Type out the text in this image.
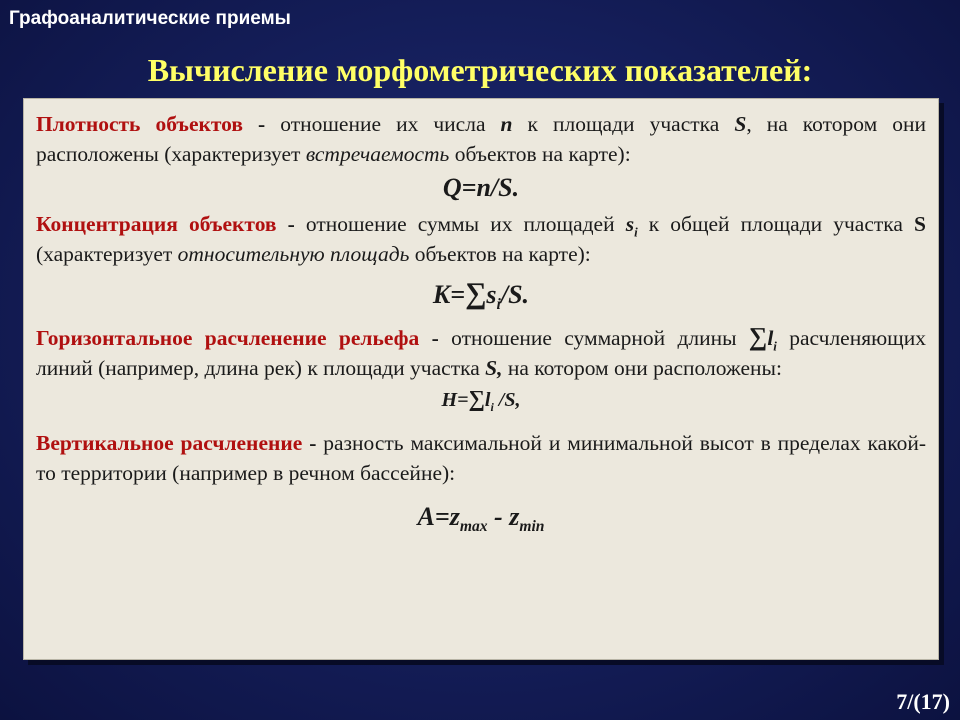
Графоаналитические приемы
Вычисление морфометрических показателей:

Плотность объектов - отношение их числа n к площади участка S, на котором они расположены (характеризует встречаемость объектов на карте):

Q=n/S.

Концентрация объектов - отношение суммы их площадей $s_i$ к общей площади участка S (характеризует относительную площадь объектов на карте):

$K=\sum s_i/S$.

Горизонтальное расчленение рельефа - отношение суммарной длины $\sum l_i$ расчленяющих линий (например, длина рек) к площади участка S, на котором они расположены:

$H=\sum l_i$ /S,

Вертикальное расчленение - разность максимальной и минимальной высот в пределах какой-то территории (например в речном бассейне):

$A=z_{max} - z_{min}$
7/(17)
